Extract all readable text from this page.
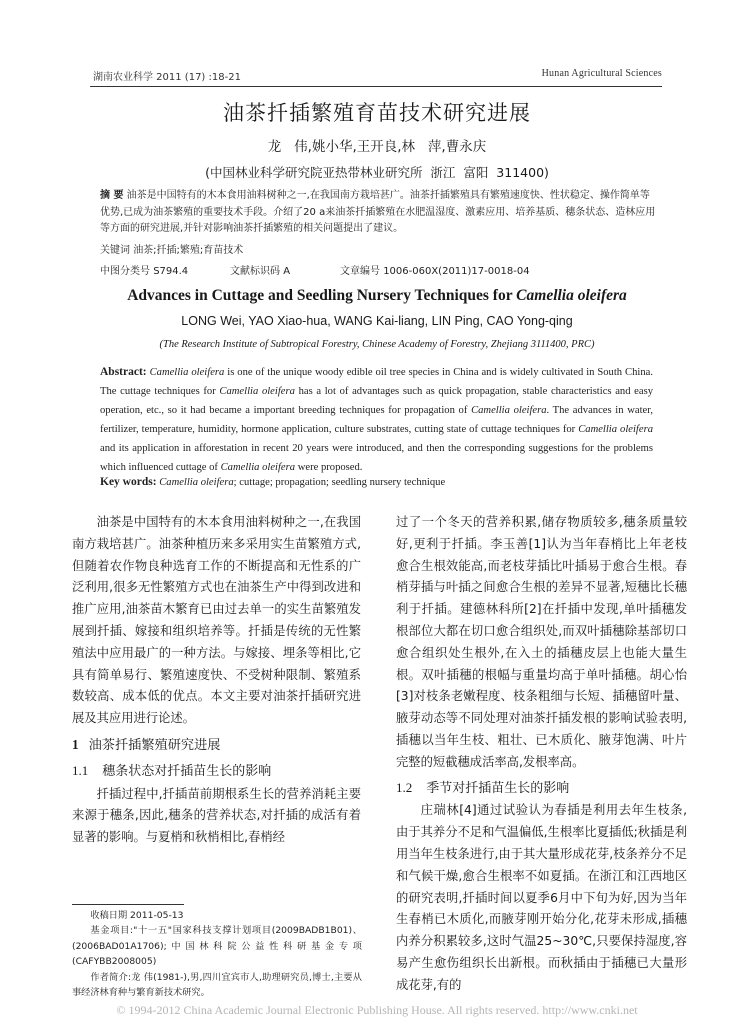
湖南农业科学 2011 (17) :18-21	Hunan Agricultural Sciences
油茶扦插繁殖育苗技术研究进展
龙   伟,姚小华,王开良,林   萍,曹永庆
(中国林业科学研究院亚热带林业研究所  浙江  富阳  311400)
摘 要 油茶是中国特有的木本食用油料树种之一,在我国南方栽培甚广。油茶扦插繁殖具有繁殖速度快、性状稳定、操作简单等优势,已成为油茶繁殖的重要技术手段。介绍了20 a来油茶扦插繁殖在水肥温湿度、激素应用、培养基质、穗条状态、造林应用等方面的研究进展,并针对影响油茶扦插繁殖的相关问题提出了建议。
关键词 油茶;扦插;繁殖;育苗技术
中图分类号 S794.4	文献标识码 A	文章编号 1006-060X(2011)17-0018-04
Advances in Cuttage and Seedling Nursery Techniques for Camellia oleifera
LONG Wei, YAO Xiao-hua, WANG Kai-liang, LIN Ping, CAO Yong-qing
(The Research Institute of Subtropical Forestry, Chinese Academy of Forestry, Zhejiang 3111400, PRC)
Abstract: Camellia oleifera is one of the unique woody edible oil tree species in China and is widely cultivated in South China. The cuttage techniques for Camellia oleifera has a lot of advantages such as quick propagation, stable characteristics and easy operation, etc., so it had became a important breeding techniques for propagation of Camellia oleifera. The advances in water, fertilizer, temperature, humidity, hormone application, culture substrates, cutting state of cuttage techniques for Camellia oleifera and its application in afforestation in recent 20 years were introduced, and then the corresponding suggestions for the problems which influenced cuttage of Camellia oleifera were proposed.
Key words: Camellia oleifera; cuttage; propagation; seedling nursery technique

油茶是中国特有的木本食用油料树种之一,在我国南方栽培甚广。油茶种植历来多采用实生苗繁殖方式,但随着农作物良种选育工作的不断提高和无性系的广泛利用,很多无性繁殖方式也在油茶生产中得到改进和推广应用,油茶苗木繁育已由过去单一的实生苗繁殖发展到扦插、嫁接和组织培养等。扦插是传统的无性繁殖法中应用最广的一种方法。与嫁接、埋条等相比,它具有简单易行、繁殖速度快、不受树种限制、繁殖系数较高、成本低的优点。本文主要对油茶扦插研究进展及其应用进行论述。

1 油茶扦插繁殖研究进展
1.1 穗条状态对扦插苗生长的影响

扦插过程中,扦插苗前期根系生长的营养消耗主要来源于穗条,因此,穗条的营养状态,对扦插的成活有着显著的影响。与夏梢和秋梢相比,春梢经

过了一个冬天的营养积累,储存物质较多,穗条质量较好,更利于扦插。李玉善[1]认为当年春梢比上年老枝愈合生根效能高,而老枝芽插比叶插易于愈合生根。春梢芽插与叶插之间愈合生根的差异不显著,短穗比长穗利于扦插。建德林科所[2]在扦插中发现,单叶插穗发根部位大都在切口愈合组织处,而双叶插穗除基部切口愈合组织处生根外,在入土的插穗皮层上也能大量生根。双叶插穗的根幅与重量均高于单叶插穗。胡心怡[3]对枝条老嫩程度、枝条粗细与长短、插穗留叶量、腋芽动态等不同处理对油茶扦插发根的影响试验表明,插穗以当年生枝、粗壮、已木质化、腋芽饱满、叶片完整的短截穗成活率高,发根率高。

1.2 季节对扦插苗生长的影响

庄瑞林[4]通过试验认为春插是利用去年生枝条,由于其养分不足和气温偏低,生根率比夏插低;秋插是利用当年生枝条进行,由于其大量形成花芽,枝条养分不足和气候干燥,愈合生根率不如夏插。在浙江和江西地区的研究表明,扦插时间以夏季6月中下旬为好,因为当年生春梢已木质化,而腋芽刚开始分化,花芽未形成,插穗内养分积累较多,这时气温25~30℃,只要保持湿度,容易产生愈伤组织长出新根。而秋插由于插穗已大量形成花芽,有的

收稿日期 2011-05-13

基金项目:"十一五"国家科技支撑计划项目(2009BADB1B01)、(2006BAD01A1706);中国林科院公益性科研基金专项(CAFYBB2008005)

作者简介:龙 伟(1981-),男,四川宜宾市人,助理研究员,博士,主要从事经济林育种与繁育新技术研究。

© 1994-2012 China Academic Journal Electronic Publishing House. All rights reserved. http://www.cnki.net
